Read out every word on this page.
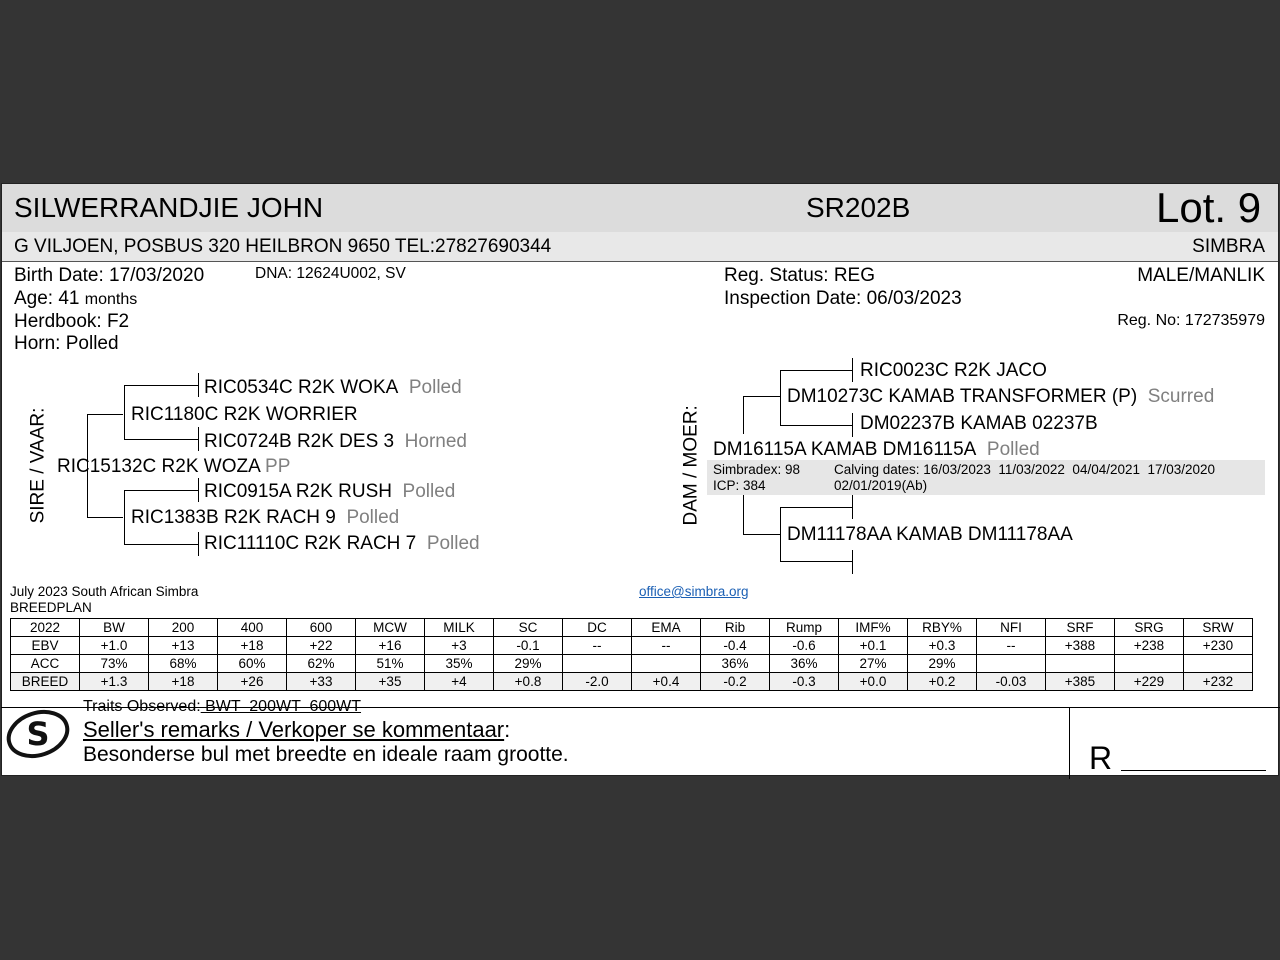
SILWERRANDJIE JOHN	SR202B	Lot. 9
G VILJOEN, POSBUS 320 HEILBRON 9650 TEL:27827690344	SIMBRA
Birth Date: 17/03/2020	DNA: 12624U002, SV
Age: 41 months
Herdbook: F2
Horn: Polled
Reg. Status: REG
Inspection Date: 06/03/2023
MALE/MANLIK
Reg. No: 172735979
SIRE / VAAR: RIC15132C R2K WOZA PP
RIC1180C R2K WORRIER
RIC0534C R2K WOKA Polled
RIC0724B R2K DES 3 Horned
RIC1383B R2K RACH 9 Polled
RIC0915A R2K RUSH Polled
RIC11110C R2K RACH 7 Polled
DAM / MOER:
RIC0023C R2K JACO
DM10273C KAMAB TRANSFORMER (P) Scurred
DM02237B KAMAB 02237B
DM16115A KAMAB DM16115A Polled
Simbradex: 98
ICP: 384
Calving dates: 16/03/2023  11/03/2022  04/04/2021  17/03/2020
02/01/2019(Ab)
DM11178AA KAMAB DM11178AA
July 2023 South African Simbra
BREEDPLAN
office@simbra.org
2022	BW	200	400	600	MCW	MILK	SC	DC	EMA	Rib	Rump	IMF%	RBY%	NFI	SRF	SRG	SRW
EBV	+1.0	+13	+18	+22	+16	+3	-0.1	--	--	-0.4	-0.6	+0.1	+0.3	--	+388	+238	+230
ACC	73%	68%	60%	62%	51%	35%	29%			36%	36%	27%	29%				
BREED	+1.3	+18	+26	+33	+35	+4	+0.8	-2.0	+0.4	-0.2	-0.3	+0.0	+0.2	-0.03	+385	+229	+232
S
Traits Observed: BWT  200WT  600WT
Seller's remarks / Verkoper se kommentaar:
Besonderse bul met breedte en ideale raam grootte.	R
